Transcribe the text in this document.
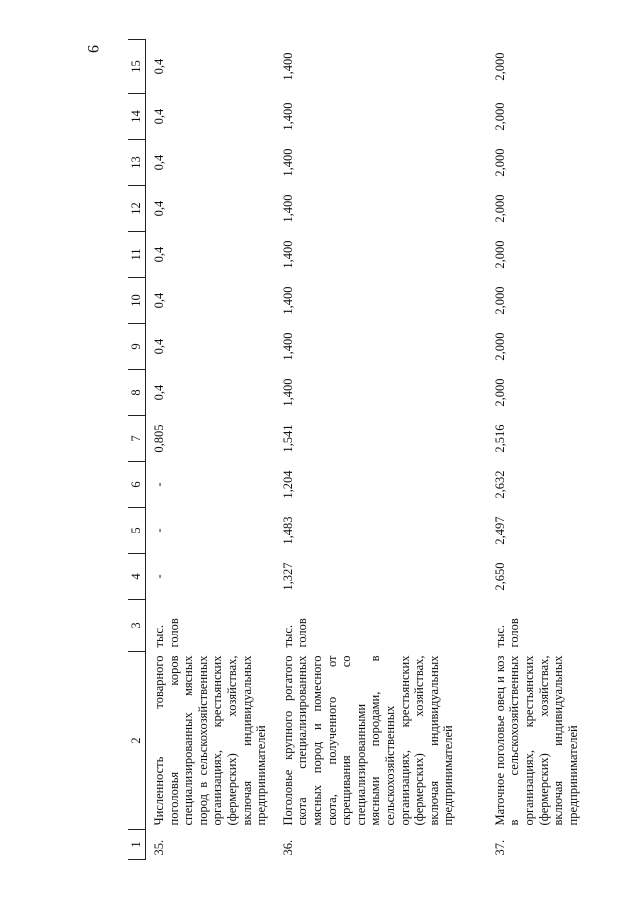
9
1	2	3	4	5	6	7	8	9	10	11	12	13	14	15
35.	Численность товарного поголовья коров специализированных мясных пород в сельскохозяйственных организациях, крестьянских (фермерских) хозяйствах, включая индивидуальных предпринимателей	тыс. голов	-	-	-	0,805	0,4	0,4	0,4	0,4	0,4	0,4	0,4	0,4
36.	Поголовье крупного рогатого скота специализированных мясных пород и помесного скота, полученного от скрещивания со специализированными мясными породами, в сельскохозяйственных организациях, крестьянских (фермерских) хозяйствах, включая индивидуальных предпринимателей	тыс. голов	1,327	1,483	1,204	1,541	1,400	1,400	1,400	1,400	1,400	1,400	1,400	1,400
37.	Маточное поголовье овец и коз в сельскохозяйственных организациях, крестьянских (фермерских) хозяйствах, включая индивидуальных предпринимателей	тыс. голов	2,650	2,497	2,632	2,516	2,000	2,000	2,000	2,000	2,000	2,000	2,000	2,000
